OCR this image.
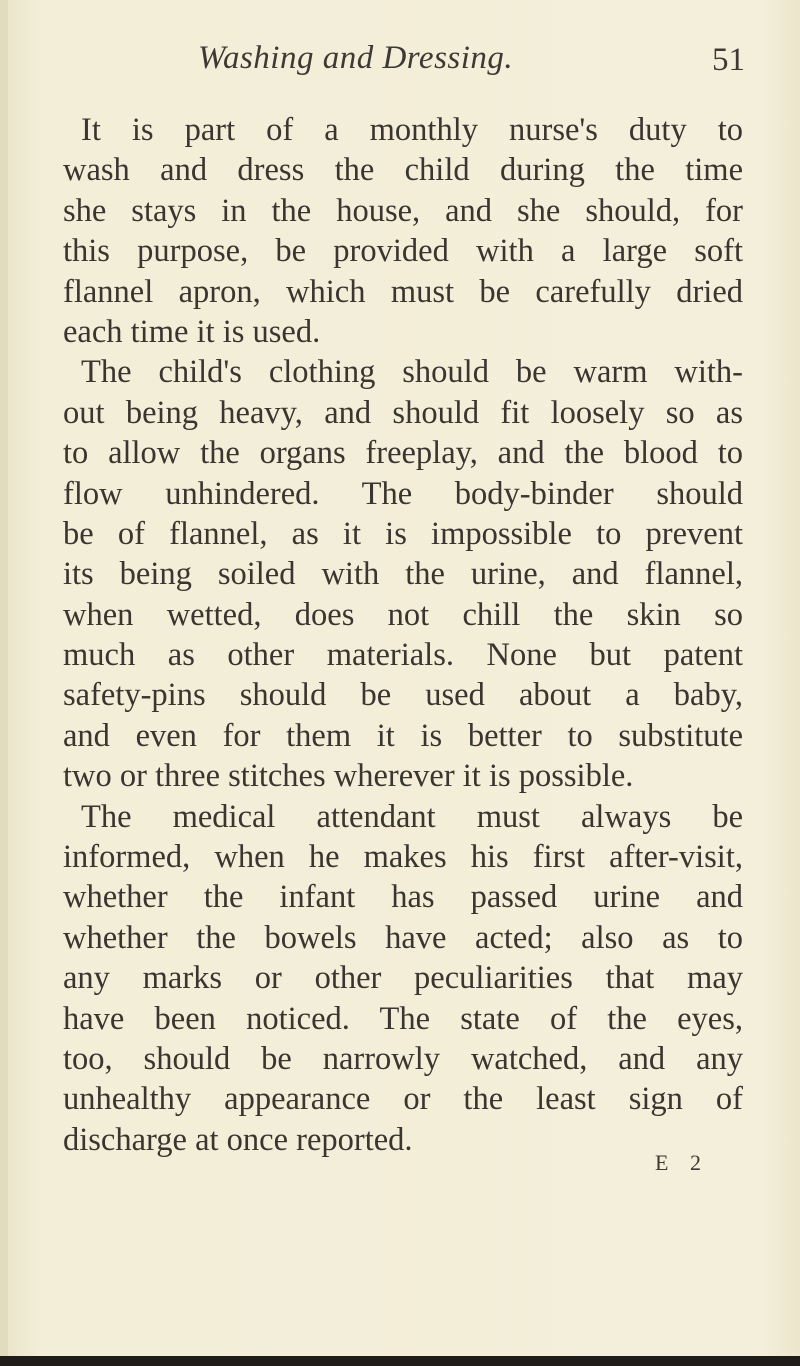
Washing and Dressing.	51
It is part of a monthly nurse's duty to
wash and dress the child during the time
she stays in the house, and she should, for
this purpose, be provided with a large soft
flannel apron, which must be carefully dried
each time it is used.
The child's clothing should be warm with-
out being heavy, and should fit loosely so as
to allow the organs freeplay, and the blood to
flow unhindered. The body-binder should
be of flannel, as it is impossible to prevent
its being soiled with the urine, and flannel,
when wetted, does not chill the skin so
much as other materials. None but patent
safety-pins should be used about a baby,
and even for them it is better to substitute
two or three stitches wherever it is possible.
The medical attendant must always be
informed, when he makes his first after-visit,
whether the infant has passed urine and
whether the bowels have acted; also as to
any marks or other peculiarities that may
have been noticed. The state of the eyes,
too, should be narrowly watched, and any
unhealthy appearance or the least sign of
discharge at once reported.
E 2
